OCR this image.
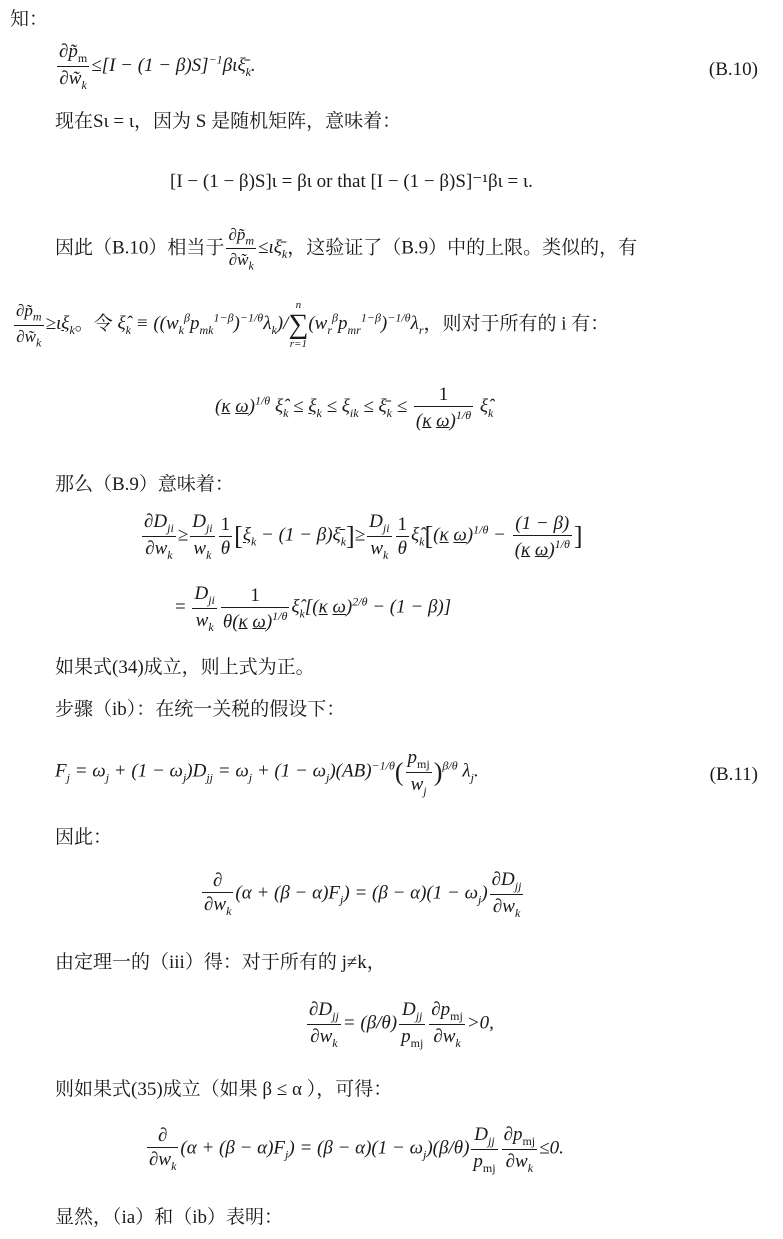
知：
$\frac{\partial p̃_m}{\partial w̃_k} \le[I - (1$ − $\beta)S]^{-1}\beta\iota\xī_k$.	(B.10)
现在Sι = ι，因为 S 是随机矩阵，意味着：
[I − (1 − β)S]ι = βι or that [I − (1 − β)S]⁻¹βι = ι.
因此（B.10）相当于 $\frac{\partial p̃_m}{\partial w̃_k}$ $\le\iota\xī_k$，这验证了（B.9）中的上限。类似的，有
$\frac{\partial p̃_m}{\partial w̃_k} \ge\iota\xi_k$。令 $\xî_k \equiv ((w_k^\beta p_{mk}^{1-\beta})^{-1/\theta}\lambda_k)/$
n
∑
r=1
$(w_r^\beta p_{mr}^{1-\beta})^{-1/\theta}\lambda_r$，则对于所有的 i 有：
(κ ω)$^{1/\theta}$ $\xî_k \le \xi_k \le \xi_{ik}$ ≤ $\xī_k \le \frac{1}{(\kappa \omega)^{1/\theta}}$ $\xî_k$
那么（B.9）意味着：
$\frac{\partial D_{ji}}{\partial w_k} \ge \frac{D_{ji}}{w_k} \frac{1}{\theta} [\xi_k - (1$ − $\beta)\xī_k]\ge \frac{D_{ji}}{w_k} \frac{1}{\theta}$ $\xî_k[(\kappa$ $\omega)^{1/\theta} - \frac{(1 - \beta)}{(\kappa \omega)^{1/\theta}}$ ]
= $\frac{D_{ji}}{w_k} \frac{1}{\theta(\kappa \omega)^{1/\theta}}$ $\xî_k[(\kappa$ ω)$^{2/\theta}$ − (1 − β)]
如果式(34)成立，则上式为正。
步骤（ib）：在统一关税的假设下：
$F_j = \omega_j + (1 - \omega_j)D_{jj} = \omega_j + (1 - \omega_j)(AB)^{-1/\theta}( \frac{p_{mj}}{w_j} )^{\beta/\theta}$ $\lambda_j$.	(B.11)
因此：
$\frac{\partial}{\partial w_k} (\alpha + (\beta - \alpha)F_j) = (\beta - \alpha)(1 - \omega_j) \frac{\partial D_{jj}}{\partial w_k}$
由定理一的（iii）得：对于所有的 j≠k，
$\frac{\partial D_{jj}}{\partial w_k} = (\beta/\theta) \frac{D_{jj}}{p_{mj}} \frac{\partial p_{mj}}{\partial w_k} >0$,
则如果式(35)成立（如果 β ≤ α ），可得：
$\frac{\partial}{\partial w_k} (\alpha + (\beta - \alpha)F_j) = (\beta - \alpha)(1 - \omega_j)(\beta/\theta) \frac{D_{jj}}{p_{mj}} \frac{\partial p_{mj}}{\partial w_k} \le 0$.
显然，（ia）和（ib）表明：
